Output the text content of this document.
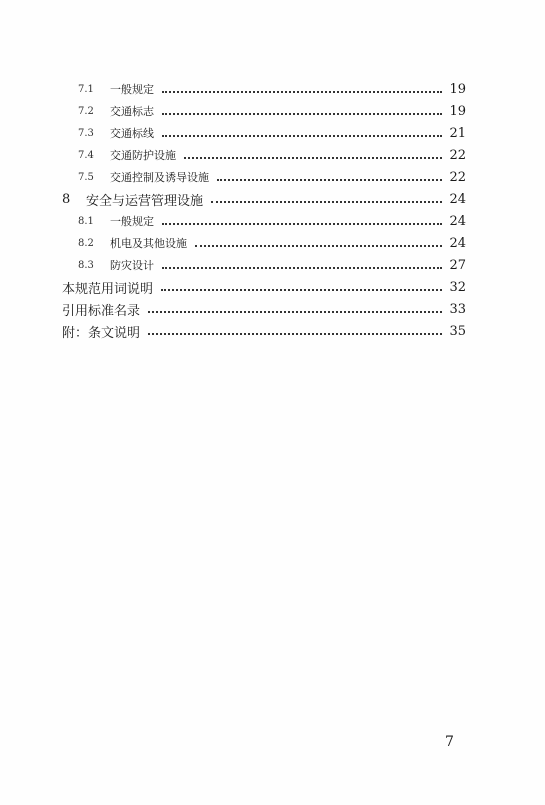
7.1	一般规定	19
7.2	交通标志	19
7.3	交通标线	21
7.4	交通防护设施	22
7.5	交通控制及诱导设施	22
8	安全与运营管理设施	24
8.1	一般规定	24
8.2	机电及其他设施	24
8.3	防灾设计	27
本规范用词说明	32
引用标准名录	33
附：条文说明	35
7
